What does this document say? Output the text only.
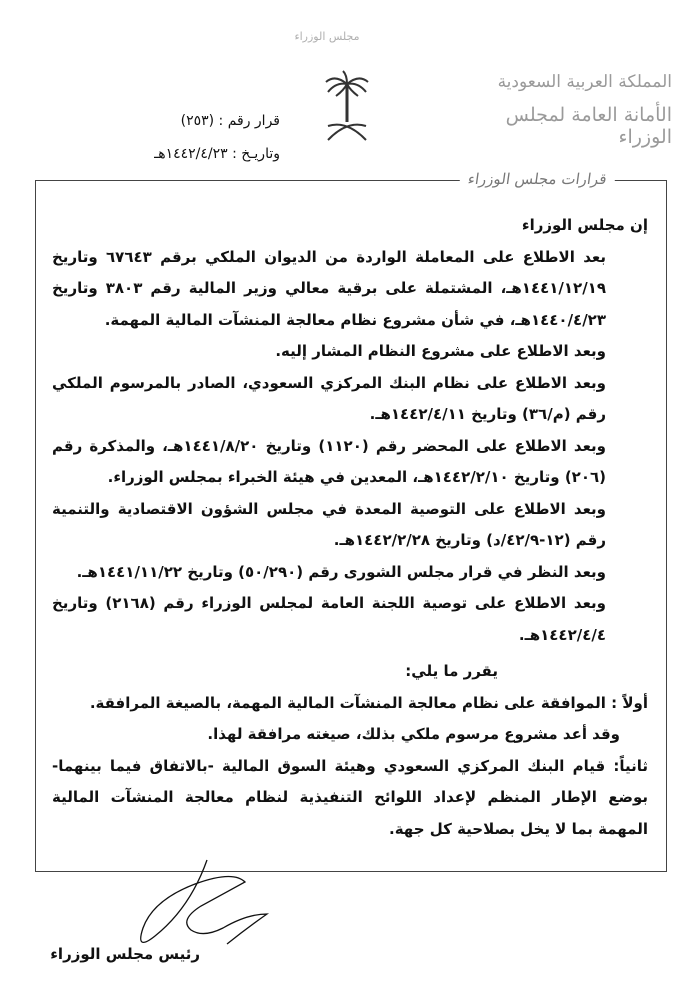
مجلس الوزراء
المملكة العربية السعودية
الأمانة العامة لمجلس الوزراء
قرار رقم : (٢٥٣)
وتاريـخ : ١٤٤٢/٤/٢٣هـ
قرارات مجلس الوزراء

إن مجلس الوزراء

بعد الاطلاع على المعاملة الواردة من الديوان الملكي برقم ٦٧٦٤٣ وتاريخ ١٤٤١/١٢/١٩هـ، المشتملة على برقية معالي وزير المالية رقم ٣٨٠٣ وتاريخ ١٤٤٠/٤/٢٣هـ، في شأن مشروع نظام معالجة المنشآت المالية المهمة.

وبعد الاطلاع على مشروع النظام المشار إليه.

وبعد الاطلاع على نظام البنك المركزي السعودي، الصادر بالمرسوم الملكي رقم (م/٣٦) وتاريخ ١٤٤٢/٤/١١هـ.

وبعد الاطلاع على المحضر رقم (١١٢٠) وتاريخ ١٤٤١/٨/٢٠هـ، والمذكرة رقم (٢٠٦) وتاريخ ١٤٤٢/٢/١٠هـ، المعدين في هيئة الخبراء بمجلس الوزراء.

وبعد الاطلاع على التوصية المعدة في مجلس الشؤون الاقتصادية والتنمية رقم (١٢-٤٢/٩/د) وتاريخ ١٤٤٢/٢/٢٨هـ.

وبعد النظر في قرار مجلس الشورى رقم (٥٠/٢٩٠) وتاريخ ١٤٤١/١١/٢٢هـ.

وبعد الاطلاع على توصية اللجنة العامة لمجلس الوزراء رقم (٢١٦٨) وتاريخ ١٤٤٢/٤/٤هـ.

يقرر ما يلي:

أولاً : الموافقة على نظام معالجة المنشآت المالية المهمة، بالصيغة المرافقة.

وقد أعد مشروع مرسوم ملكي بذلك، صيغته مرافقة لهذا.

ثانياً: قيام البنك المركزي السعودي وهيئة السوق المالية -بالاتفاق فيما بينهما- بوضع الإطار المنظم لإعداد اللوائح التنفيذية لنظام معالجة المنشآت المالية المهمة بما لا يخل بصلاحية كل جهة.

رئيس مجلس الوزراء
